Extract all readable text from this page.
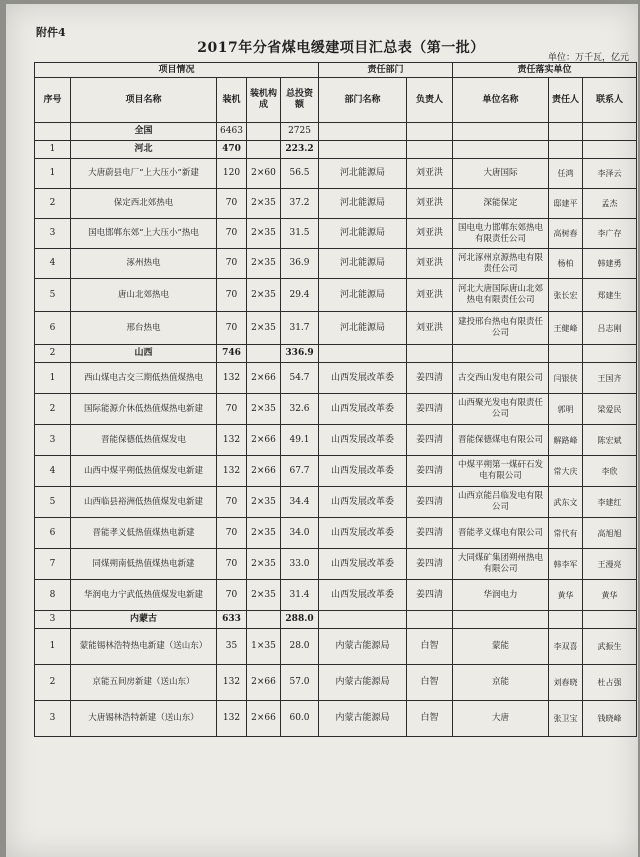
附件4
2017年分省煤电缓建项目汇总表（第一批）
单位：万千瓦，亿元
项目情况					责任部门		责任落实单位		
序号	项目名称	装机	装机构成	总投资额	部门名称	负责人	单位名称	责任人	联系人
	全国	6463		2725					
1	河北	470		223.2					
1	大唐蔚县电厂“上大压小”新建	120	2×60	56.5	河北能源局	刘亚洪	大唐国际	任鸿	李泽云
2	保定西北郊热电	70	2×35	37.2	河北能源局	刘亚洪	深能保定	邸建平	孟杰
3	国电邯郸东郊“上大压小”热电	70	2×35	31.5	河北能源局	刘亚洪	国电电力邯郸东郊热电有限责任公司	高树春	李广存
4	涿州热电	70	2×35	36.9	河北能源局	刘亚洪	河北涿州京源热电有限责任公司	杨柏	韩建勇
5	唐山北郊热电	70	2×35	29.4	河北能源局	刘亚洪	河北大唐国际唐山北郊热电有限责任公司	张长宏	郑建生
6	邢台热电	70	2×35	31.7	河北能源局	刘亚洪	建投邢台热电有限责任公司	王健峰	吕志刚
2	山西	746		336.9					
1	西山煤电古交三期低热值煤热电	132	2×66	54.7	山西发展改革委	姜四清	古交西山发电有限公司	闫银侠	王国齐
2	国际能源介休低热值煤热电新建	70	2×35	32.6	山西发展改革委	姜四清	山西聚光发电有限责任公司	郭明	梁爱民
3	晋能保德低热值煤发电	132	2×66	49.1	山西发展改革委	姜四清	晋能保德煤电有限公司	解路峰	陈宏斌
4	山西中煤平朔低热值煤发电新建	132	2×66	67.7	山西发展改革委	姜四清	中煤平朔第一煤矸石发电有限公司	常大庆	李欣
5	山西临县裕洲低热值煤发电新建	70	2×35	34.4	山西发展改革委	姜四清	山西京能吕临发电有限公司	武东文	李建红
6	晋能孝义低热值煤热电新建	70	2×35	34.0	山西发展改革委	姜四清	晋能孝义煤电有限公司	常代有	高旭旭
7	同煤朔南低热值煤热电新建	70	2×35	33.0	山西发展改革委	姜四清	大同煤矿集团朔州热电有限公司	韩李军	王漫亮
8	华润电力宁武低热值煤发电新建	70	2×35	31.4	山西发展改革委	姜四清	华润电力	黄华	黄华
3	内蒙古	633		288.0					
1	蒙能锡林浩特热电新建（送山东）	35	1×35	28.0	内蒙古能源局	白智	蒙能	李双喜	武振生
2	京能五间房新建（送山东）	132	2×66	57.0	内蒙古能源局	白智	京能	刘春晓	杜占强
3	大唐锡林浩特新建（送山东）	132	2×66	60.0	内蒙古能源局	白智	大唐	张卫宝	钱晓峰
